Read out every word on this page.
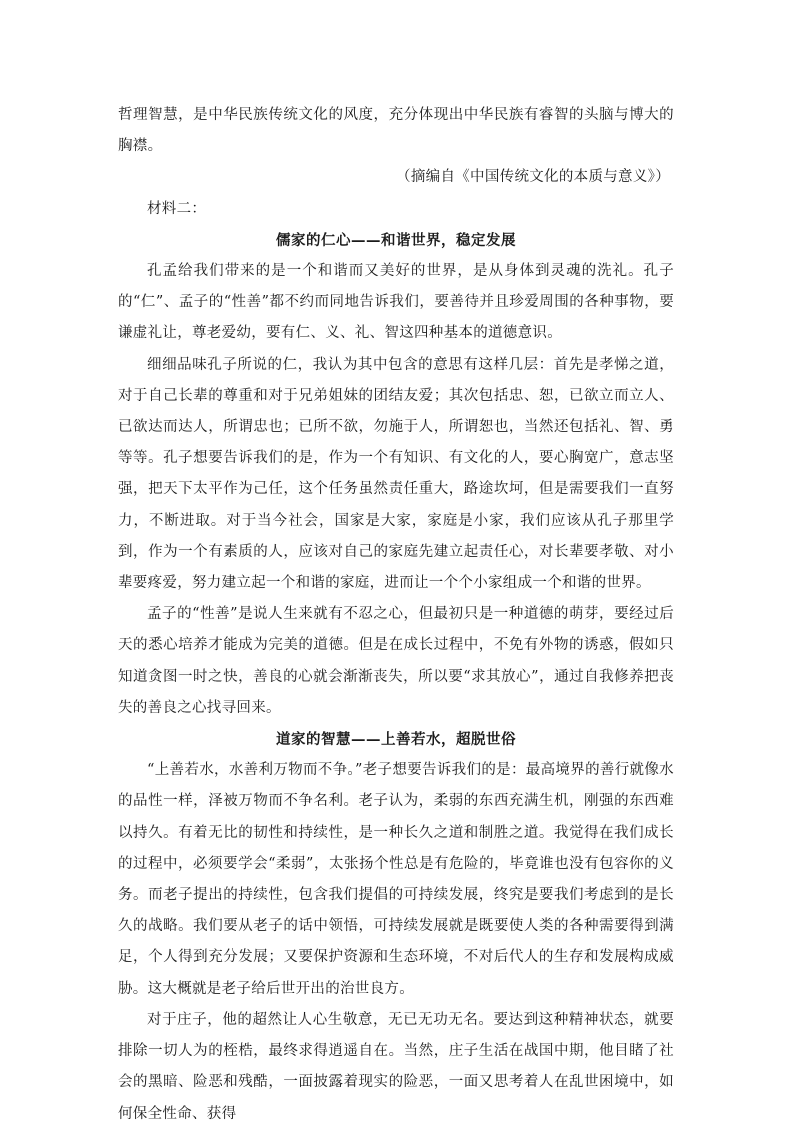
哲理智慧，是中华民族传统文化的风度，充分体现出中华民族有睿智的头脑与博大的胸襟。

（摘编自《中国传统文化的本质与意义》）

材料二：

儒家的仁心——和谐世界，稳定发展

孔孟给我们带来的是一个和谐而又美好的世界，是从身体到灵魂的洗礼。孔子的“仁”、孟子的“性善”都不约而同地告诉我们，要善待并且珍爱周围的各种事物，要谦虚礼让，尊老爱幼，要有仁、义、礼、智这四种基本的道德意识。

细细品味孔子所说的仁，我认为其中包含的意思有这样几层：首先是孝悌之道，对于自己长辈的尊重和对于兄弟姐妹的团结友爱；其次包括忠、恕，已欲立而立人、已欲达而达人，所谓忠也；已所不欲，勿施于人，所谓恕也，当然还包括礼、智、勇等等。孔子想要告诉我们的是，作为一个有知识、有文化的人，要心胸宽广，意志坚强，把天下太平作为己任，这个任务虽然责任重大，路途坎坷，但是需要我们一直努力，不断进取。对于当今社会，国家是大家，家庭是小家，我们应该从孔子那里学到，作为一个有素质的人，应该对自己的家庭先建立起责任心，对长辈要孝敬、对小辈要疼爱，努力建立起一个和谐的家庭，进而让一个个小家组成一个和谐的世界。

孟子的“性善”是说人生来就有不忍之心，但最初只是一种道德的萌芽，要经过后天的悉心培养才能成为完美的道德。但是在成长过程中，不免有外物的诱惑，假如只知道贪图一时之快，善良的心就会渐渐丧失，所以要“求其放心”，通过自我修养把丧失的善良之心找寻回来。

道家的智慧——上善若水，超脱世俗

“上善若水，水善利万物而不争。”老子想要告诉我们的是：最高境界的善行就像水的品性一样，泽被万物而不争名利。老子认为，柔弱的东西充满生机，刚强的东西难以持久。有着无比的韧性和持续性，是一种长久之道和制胜之道。我觉得在我们成长的过程中，必须要学会“柔弱”，太张扬个性总是有危险的，毕竟谁也没有包容你的义务。而老子提出的持续性，包含我们提倡的可持续发展，终究是要我们考虑到的是长久的战略。我们要从老子的话中领悟，可持续发展就是既要使人类的各种需要得到满足，个人得到充分发展；又要保护资源和生态环境，不对后代人的生存和发展构成威胁。这大概就是老子给后世开出的治世良方。

对于庄子，他的超然让人心生敬意，无已无功无名。要达到这种精神状态，就要排除一切人为的桎梏，最终求得逍遥自在。当然，庄子生活在战国中期，他目睹了社会的黑暗、险恶和残酷，一面披露着现实的险恶，一面又思考着人在乱世困境中，如何保全性命、获得
